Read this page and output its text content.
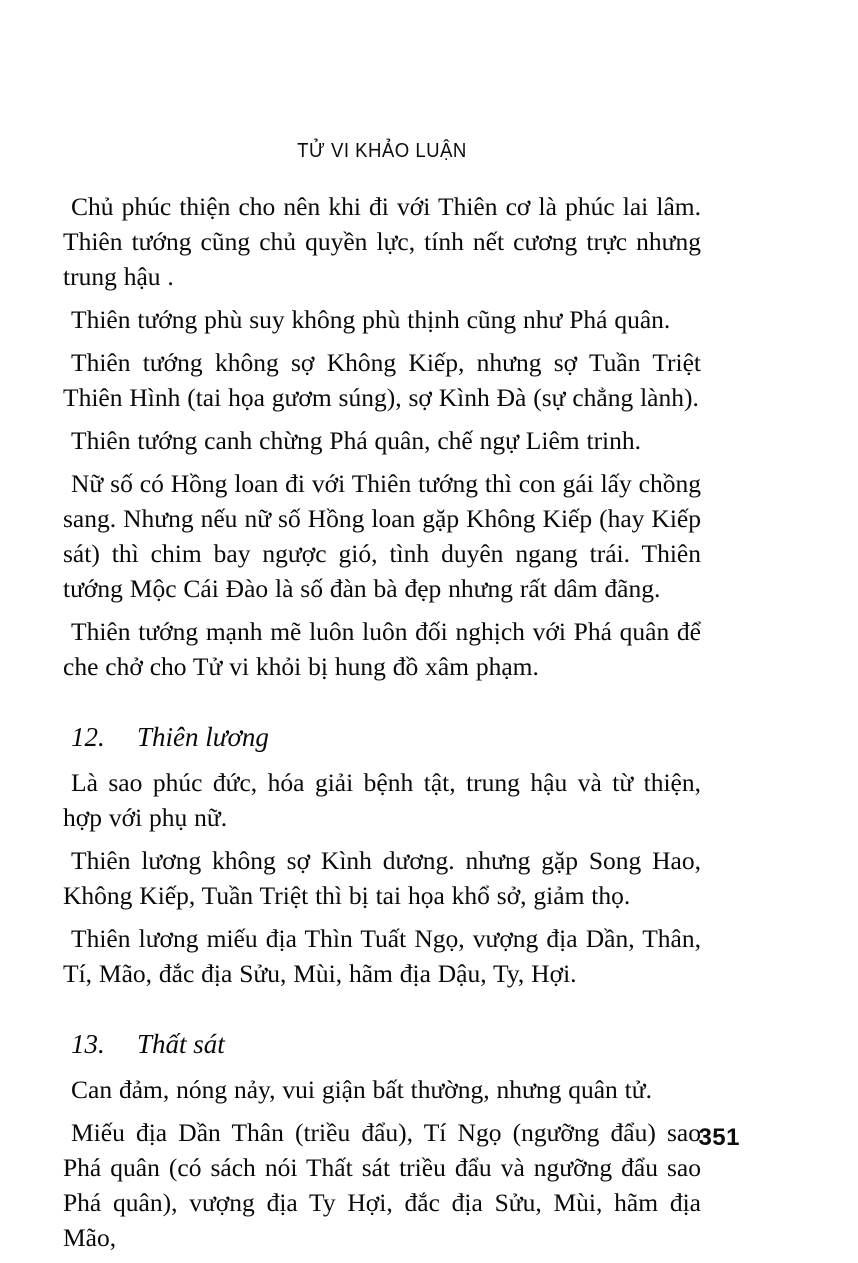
TỬ VI KHẢO LUẬN

Chủ phúc thiện cho nên khi đi với Thiên cơ là phúc lai lâm. Thiên tướng cũng chủ quyền lực, tính nết cương trực nhưng trung hậu .

Thiên tướng phù suy không phù thịnh cũng như Phá quân.

Thiên tướng không sợ Không Kiếp, nhưng sợ Tuần Triệt Thiên Hình (tai họa gươm súng), sợ Kình Đà (sự chẳng lành).

Thiên tướng canh chừng Phá quân, chế ngự Liêm trinh.

Nữ số có Hồng loan đi với Thiên tướng thì con gái lấy chồng sang. Nhưng nếu nữ số Hồng loan gặp Không Kiếp (hay Kiếp sát) thì chim bay ngược gió, tình duyên ngang trái. Thiên tướng Mộc Cái Đào là số đàn bà đẹp nhưng rất dâm đãng.

Thiên tướng mạnh mẽ luôn luôn đối nghịch với Phá quân để che chở cho Tử vi khỏi bị hung đồ xâm phạm.

12. Thiên lương

Là sao phúc đức, hóa giải bệnh tật, trung hậu và từ thiện, hợp với phụ nữ.

Thiên lương không sợ Kình dương. nhưng gặp Song Hao, Không Kiếp, Tuần Triệt thì bị tai họa khổ sở, giảm thọ.

Thiên lương miếu địa Thìn Tuất Ngọ, vượng địa Dần, Thân, Tí, Mão, đắc địa Sửu, Mùi, hãm địa Dậu, Ty, Hợi.

13. Thất sát

Can đảm, nóng nảy, vui giận bất thường, nhưng quân tử.

Miếu địa Dần Thân (triều đẩu), Tí Ngọ (ngưỡng đẩu) sao Phá quân (có sách nói Thất sát triều đẩu và ngưỡng đẩu sao Phá quân), vượng địa Ty Hợi, đắc địa Sửu, Mùi, hãm địa Mão,

351
